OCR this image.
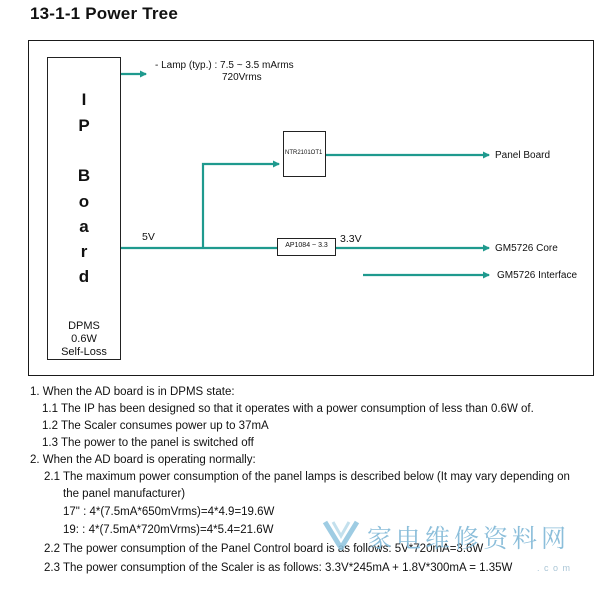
13-1-1 Power Tree
I
P
B
o
a
r
d
DPMS
0.6W
Self-Loss
- Lamp (typ.) : 7.5 ~ 3.5 mArms
720Vrms
5V
NTR2101OT1
AP1084 ~ 3.3
3.3V
Panel Board
GM5726 Core
GM5726 Interface
1. When the AD board is in DPMS state:
1.1 The IP has been designed so that it operates with a power consumption of less than 0.6W of.
1.2 The Scaler consumes power up to 37mA
1.3 The power to the panel is switched off
2. When the AD board is operating normally:
2.1 The maximum power consumption of the panel lamps is described below (It may vary depending on
the panel manufacturer)
17" : 4*(7.5mA*650mVrms)=4*4.9=19.6W
19: : 4*(7.5mA*720mVrms)=4*5.4=21.6W
2.2 The power consumption of the Panel Control board is as follows: 5V*720mA=3.6W
2.3 The power consumption of the Scaler is as follows: 3.3V*245mA + 1.8V*300mA = 1.35W
家电维修资料网
. c o m
